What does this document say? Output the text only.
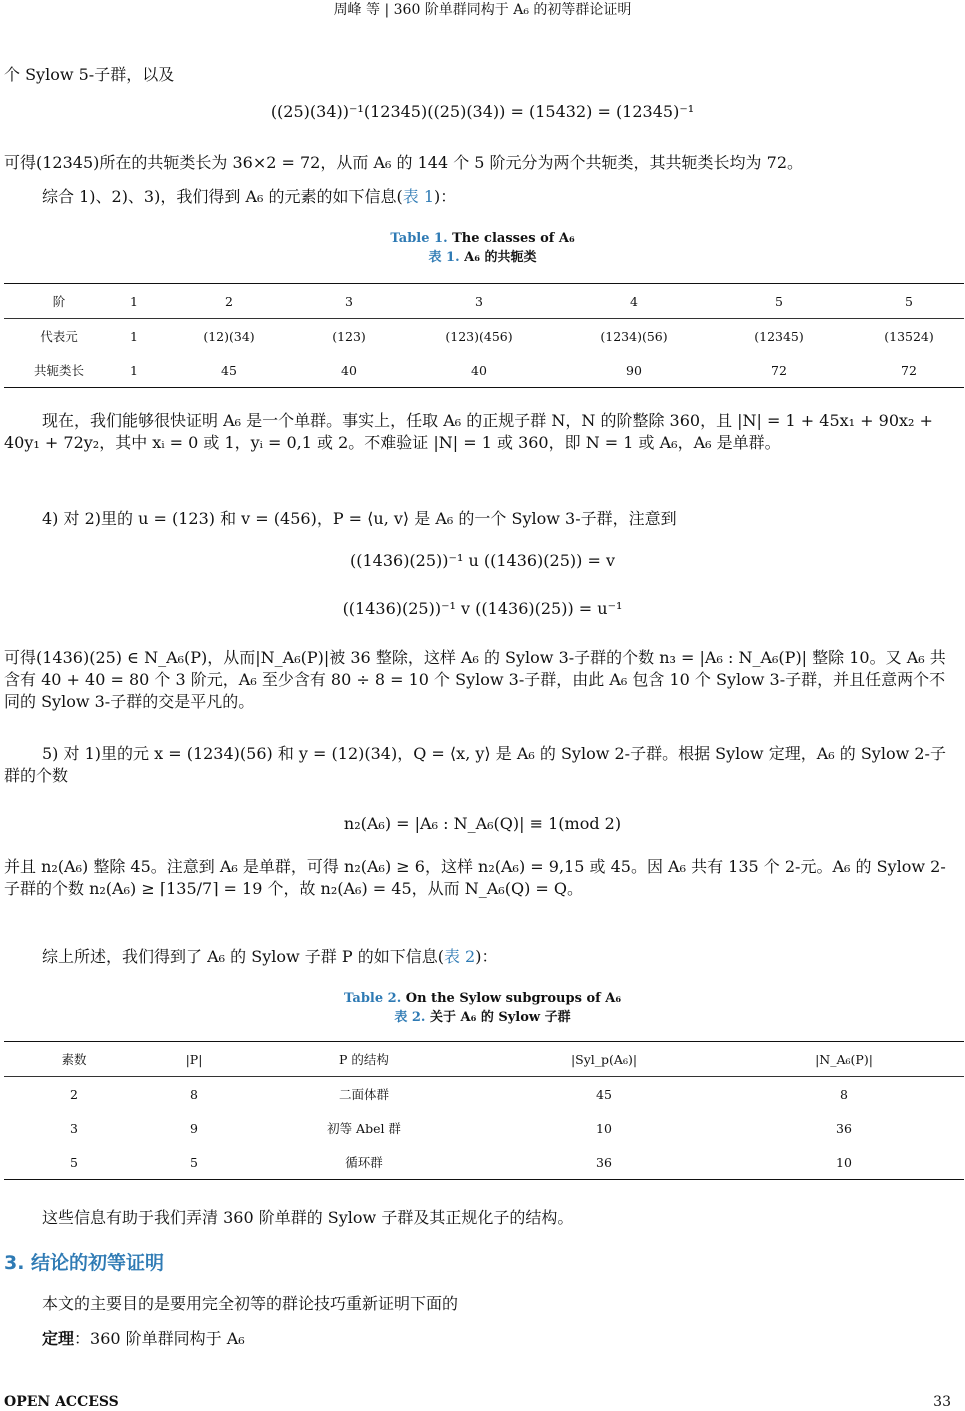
周峰 等 | 360 阶单群同构于 A₆ 的初等群论证明
个 Sylow 5-子群，以及
((25)(34))⁻¹(12345)((25)(34)) = (15432) = (12345)⁻¹
可得(12345)所在的共轭类长为 36×2 = 72，从而 A₆ 的 144 个 5 阶元分为两个共轭类，其共轭类长均为 72。
综合 1)、2)、3)，我们得到 A₆ 的元素的如下信息(表 1)：
Table 1. The classes of A₆
表 1. A₆ 的共轭类
阶	1	2	3	3	4	5	5
代表元	1	(12)(34)	(123)	(123)(456)	(1234)(56)	(12345)	(13524)
共轭类长	1	45	40	40	90	72	72
现在，我们能够很快证明 A₆ 是一个单群。事实上，任取 A₆ 的正规子群 N，N 的阶整除 360，且 |N| = 1 + 45x₁ + 90x₂ + 40y₁ + 72y₂，其中 xᵢ = 0 或 1，yᵢ = 0,1 或 2。不难验证 |N| = 1 或 360，即 N = 1 或 A₆，A₆ 是单群。
4) 对 2)里的 u = (123) 和 v = (456)，P = ⟨u, v⟩ 是 A₆ 的一个 Sylow 3-子群，注意到
((1436)(25))⁻¹ u ((1436)(25)) = v
((1436)(25))⁻¹ v ((1436)(25)) = u⁻¹
可得(1436)(25) ∈ N_A₆(P)，从而|N_A₆(P)|被 36 整除，这样 A₆ 的 Sylow 3-子群的个数 n₃ = |A₆ : N_A₆(P)| 整除 10。又 A₆ 共含有 40 + 40 = 80 个 3 阶元，A₆ 至少含有 80 ÷ 8 = 10 个 Sylow 3-子群，由此 A₆ 包含 10 个 Sylow 3-子群，并且任意两个不同的 Sylow 3-子群的交是平凡的。
5) 对 1)里的元 x = (1234)(56) 和 y = (12)(34)，Q = ⟨x, y⟩ 是 A₆ 的 Sylow 2-子群。根据 Sylow 定理，A₆ 的 Sylow 2-子群的个数
n₂(A₆) = |A₆ : N_A₆(Q)| ≡ 1(mod 2)
并且 n₂(A₆) 整除 45。注意到 A₆ 是单群，可得 n₂(A₆) ≥ 6，这样 n₂(A₆) = 9,15 或 45。因 A₆ 共有 135 个 2-元。A₆ 的 Sylow 2-子群的个数 n₂(A₆) ≥ ⌈135/7⌉ = 19 个，故 n₂(A₆) = 45，从而 N_A₆(Q) = Q。
综上所述，我们得到了 A₆ 的 Sylow 子群 P 的如下信息(表 2)：
Table 2. On the Sylow subgroups of A₆
表 2. 关于 A₆ 的 Sylow 子群
素数	|P|	P 的结构	|Syl_p(A₆)|	|N_A₆(P)|
2	8	二面体群	45	8
3	9	初等 Abel 群	10	36
5	5	循环群	36	10
这些信息有助于我们弄清 360 阶单群的 Sylow 子群及其正规化子的结构。
3. 结论的初等证明
本文的主要目的是要用完全初等的群论技巧重新证明下面的
定理：360 阶单群同构于 A₆
OPEN ACCESS	33
